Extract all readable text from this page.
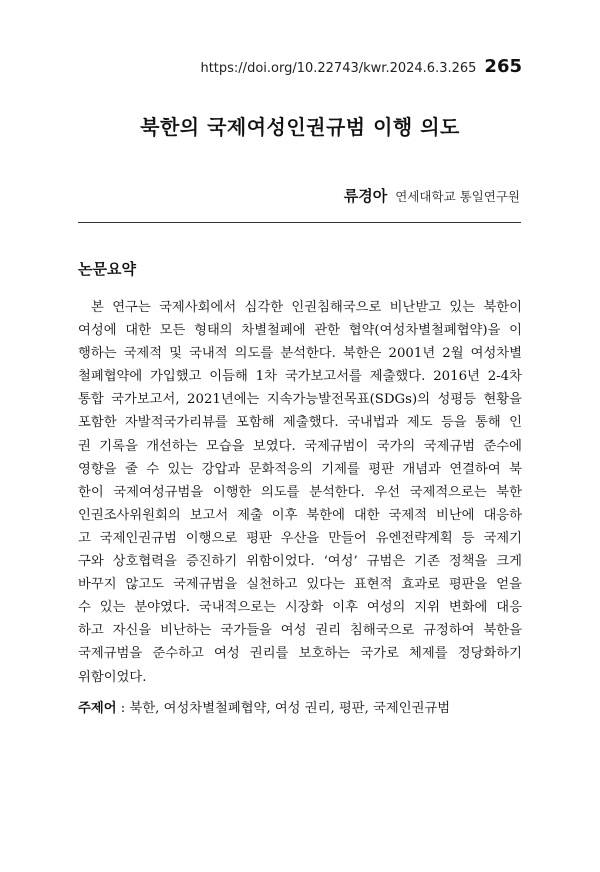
https://doi.org/10.22743/kwr.2024.6.3.265 265
북한의 국제여성인권규범 이행 의도
류경아 연세대학교 통일연구원
논문요약
본 연구는 국제사회에서 심각한 인권침해국으로 비난받고 있는 북한이
여성에 대한 모든 형태의 차별철폐에 관한 협약(여성차별철폐협약)을 이
행하는 국제적 및 국내적 의도를 분석한다. 북한은 2001년 2월 여성차별
철폐협약에 가입했고 이듬해 1차 국가보고서를 제출했다. 2016년 2-4차
통합 국가보고서, 2021년에는 지속가능발전목표(SDGs)의 성평등 현황을
포함한 자발적국가리뷰를 포함해 제출했다. 국내법과 제도 등을 통해 인
권 기록을 개선하는 모습을 보였다. 국제규범이 국가의 국제규범 준수에
영향을 줄 수 있는 강압과 문화적응의 기제를 평판 개념과 연결하여 북
한이 국제여성규범을 이행한 의도를 분석한다. 우선 국제적으로는 북한
인권조사위원회의 보고서 제출 이후 북한에 대한 국제적 비난에 대응하
고 국제인권규범 이행으로 평판 우산을 만들어 유엔전략계획 등 국제기
구와 상호협력을 증진하기 위함이었다. ‘여성’ 규범은 기존 정책을 크게
바꾸지 않고도 국제규범을 실천하고 있다는 표현적 효과로 평판을 얻을
수 있는 분야였다. 국내적으로는 시장화 이후 여성의 지위 변화에 대응
하고 자신을 비난하는 국가들을 여성 권리 침해국으로 규정하여 북한을
국제규범을 준수하고 여성 권리를 보호하는 국가로 체제를 정당화하기
위함이었다.
주제어 : 북한, 여성차별철폐협약, 여성 권리, 평판, 국제인권규범
